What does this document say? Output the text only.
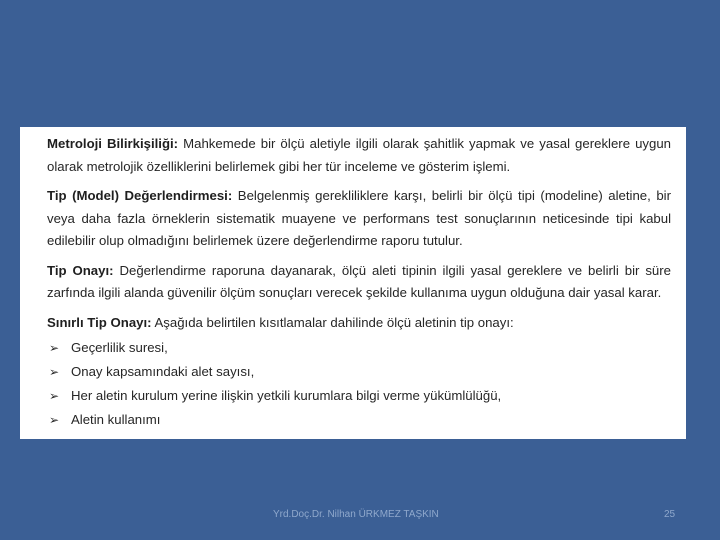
Metroloji Bilirkişiliği: Mahkemede bir ölçü aletiyle ilgili olarak şahitlik yapmak ve yasal gereklere uygun olarak metrolojik özelliklerini belirlemek gibi her tür inceleme ve gösterim işlemi.

Tip (Model) Değerlendirmesi: Belgelenmiş gerekliliklere karşı, belirli bir ölçü tipi (modeline) aletine, bir veya daha fazla örneklerin sistematik muayene ve performans test sonuçlarının neticesinde tipi kabul edilebilir olup olmadığını belirlemek üzere değerlendirme raporu tutulur.

Tip Onayı: Değerlendirme raporuna dayanarak, ölçü aleti tipinin ilgili yasal gereklere ve belirli bir süre zarfında ilgili alanda güvenilir ölçüm sonuçları verecek şekilde kullanıma uygun olduğuna dair yasal karar.

Sınırlı Tip Onayı: Aşağıda belirtilen kısıtlamalar dahilinde ölçü aletinin tip onayı:

➢ Geçerlilik suresi,
➢ Onay kapsamındaki alet sayısı,
➢ Her aletin kurulum yerine ilişkin yetkili kurumlara bilgi verme yükümlülüğü,
➢ Aletin kullanımı
Yrd.Doç.Dr. Nilhan ÜRKMEZ TAŞKIN	25
